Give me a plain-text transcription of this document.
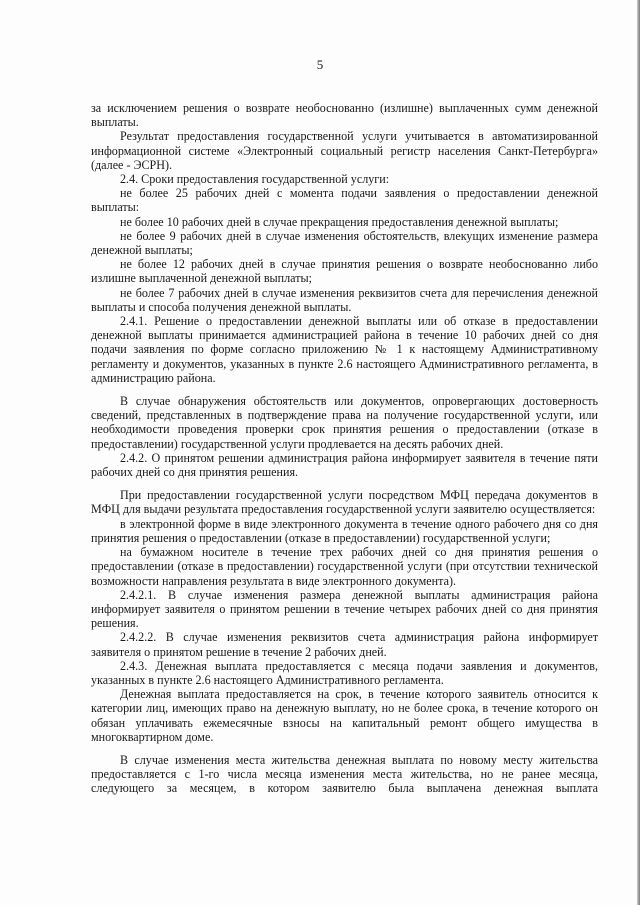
5

за исключением решения о возврате необоснованно (излишне) выплаченных сумм денежной выплаты.

Результат предоставления государственной услуги учитывается в автоматизированной информационной системе «Электронный социальный регистр населения Санкт-Петербурга» (далее - ЭСРН).

2.4. Сроки предоставления государственной услуги:

не более 25 рабочих дней с момента подачи заявления о предоставлении денежной выплаты:

не более 10 рабочих дней в случае прекращения предоставления денежной выплаты;

не более 9 рабочих дней в случае изменения обстоятельств, влекущих изменение размера денежной выплаты;

не более 12 рабочих дней в случае принятия решения о возврате необоснованно либо излишне выплаченной денежной выплаты;

не более 7 рабочих дней в случае изменения реквизитов счета для перечисления денежной выплаты и способа получения денежной выплаты.

2.4.1. Решение о предоставлении денежной выплаты или об отказе в предоставлении денежной выплаты принимается администрацией района в течение 10 рабочих дней со дня подачи заявления по форме согласно приложению № 1 к настоящему Административному регламенту и документов, указанных в пункте 2.6 настоящего Административного регламента, в администрацию района.

В случае обнаружения обстоятельств или документов, опровергающих достоверность сведений, представленных в подтверждение права на получение государственной услуги, или необходимости проведения проверки срок принятия решения о предоставлении (отказе в предоставлении) государственной услуги продлевается на десять рабочих дней.

2.4.2. О принятом решении администрация района информирует заявителя в течение пяти рабочих дней со дня принятия решения.

При предоставлении государственной услуги посредством МФЦ передача документов в МФЦ для выдачи результата предоставления государственной услуги заявителю осуществляется:

в электронной форме в виде электронного документа в течение одного рабочего дня со дня принятия решения о предоставлении (отказе в предоставлении) государственной услуги;

на бумажном носителе в течение трех рабочих дней со дня принятия решения о предоставлении (отказе в предоставлении) государственной услуги (при отсутствии технической возможности направления результата в виде электронного документа).

2.4.2.1. В случае изменения размера денежной выплаты администрация района информирует заявителя о принятом решении в течение четырех рабочих дней со дня принятия решения.

2.4.2.2. В случае изменения реквизитов счета администрация района информирует заявителя о принятом решение в течение 2 рабочих дней.

2.4.3. Денежная выплата предоставляется с месяца подачи заявления и документов, указанных в пункте 2.6 настоящего Административного регламента.

Денежная выплата предоставляется на срок, в течение которого заявитель относится к категории лиц, имеющих право на денежную выплату, но не более срока, в течение которого он обязан уплачивать ежемесячные взносы на капитальный ремонт общего имущества в многоквартирном доме.

В случае изменения места жительства денежная выплата по новому месту жительства предоставляется с 1-го числа месяца изменения места жительства, но не ранее месяца, следующего за месяцем, в котором заявителю была выплачена денежная выплата
